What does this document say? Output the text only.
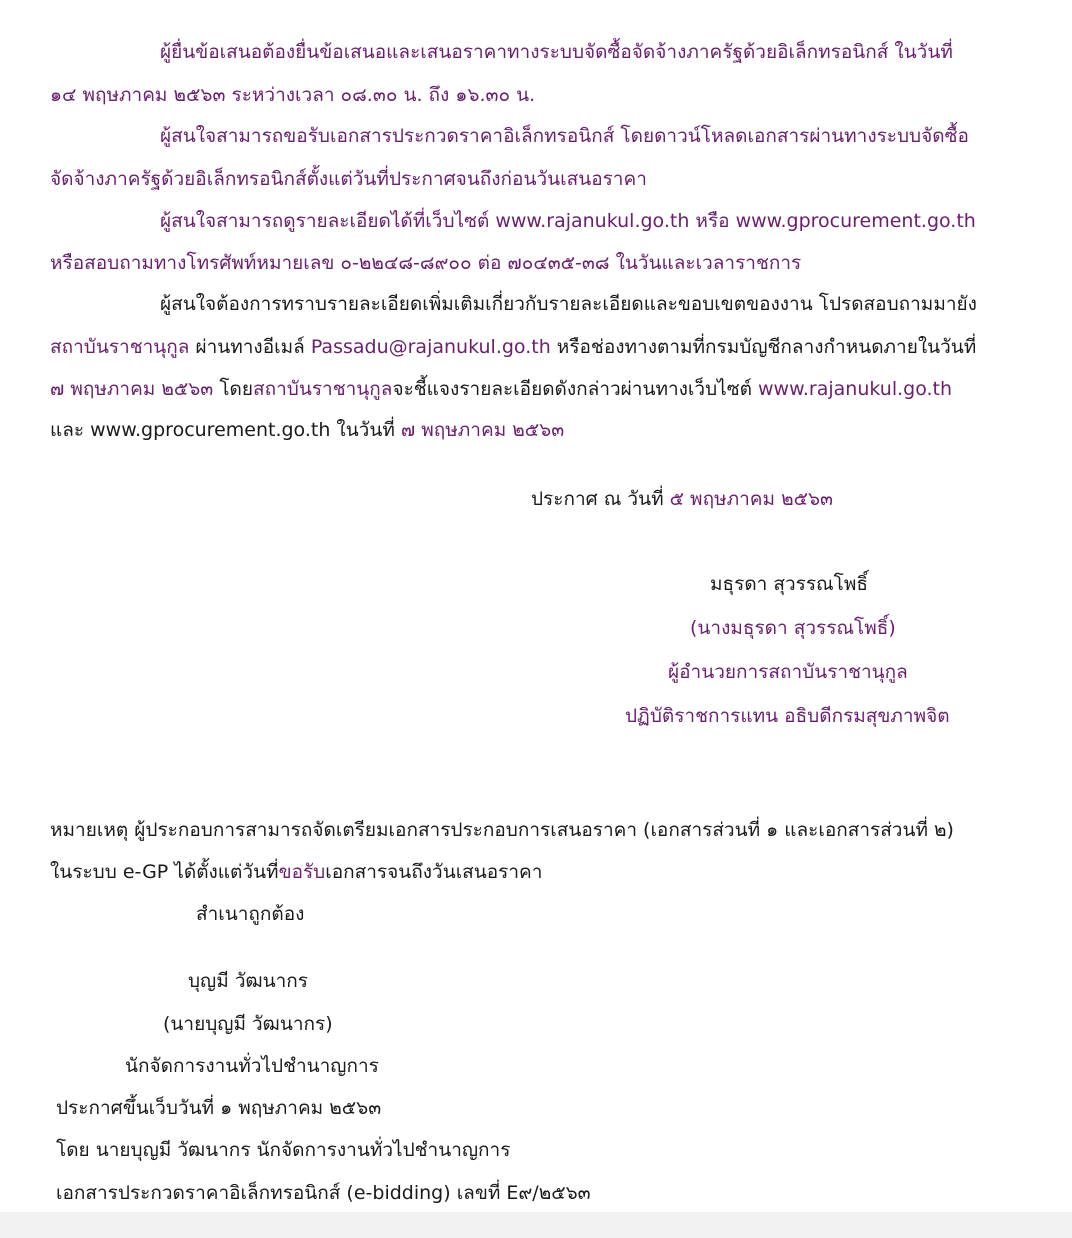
ผู้ยื่นข้อเสนอต้องยื่นข้อเสนอและเสนอราคาทางระบบจัดซื้อจัดจ้างภาครัฐด้วยอิเล็กทรอนิกส์ ในวันที่
๑๔ พฤษภาคม ๒๕๖๓ ระหว่างเวลา ๐๘.๓๐ น. ถึง ๑๖.๓๐ น.
ผู้สนใจสามารถขอรับเอกสารประกวดราคาอิเล็กทรอนิกส์ โดยดาวน์โหลดเอกสารผ่านทางระบบจัดซื้อ
จัดจ้างภาครัฐด้วยอิเล็กทรอนิกส์ตั้งแต่วันที่ประกาศจนถึงก่อนวันเสนอราคา
ผู้สนใจสามารถดูรายละเอียดได้ที่เว็บไซต์ www.rajanukul.go.th หรือ www.gprocurement.go.th
หรือสอบถามทางโทรศัพท์หมายเลข ๐-๒๒๔๘-๘๙๐๐ ต่อ ๗๐๔๓๕-๓๘ ในวันและเวลาราชการ
ผู้สนใจต้องการทราบรายละเอียดเพิ่มเติมเกี่ยวกับรายละเอียดและขอบเขตของงาน โปรดสอบถามมายัง
สถาบันราชานุกูล ผ่านทางอีเมล์ Passadu@rajanukul.go.th หรือช่องทางตามที่กรมบัญชีกลางกำหนดภายในวันที่
๗ พฤษภาคม ๒๕๖๓ โดยสถาบันราชานุกูลจะชี้แจงรายละเอียดดังกล่าวผ่านทางเว็บไซต์ www.rajanukul.go.th
และ www.gprocurement.go.th ในวันที่ ๗ พฤษภาคม ๒๕๖๓
ประกาศ ณ วันที่ ๕ พฤษภาคม ๒๕๖๓
มธุรดา สุวรรณโพธิ์
(นางมธุรดา สุวรรณโพธิ์)
ผู้อำนวยการสถาบันราชานุกูล
ปฏิบัติราชการแทน อธิบดีกรมสุขภาพจิต
หมายเหตุ ผู้ประกอบการสามารถจัดเตรียมเอกสารประกอบการเสนอราคา (เอกสารส่วนที่ ๑ และเอกสารส่วนที่ ๒)
ในระบบ e-GP ได้ตั้งแต่วันที่ขอรับเอกสารจนถึงวันเสนอราคา
สำเนาถูกต้อง
บุญมี วัฒนากร
(นายบุญมี วัฒนากร)
นักจัดการงานทั่วไปชำนาญการ
ประกาศขึ้นเว็บวันที่ ๑ พฤษภาคม ๒๕๖๓
โดย นายบุญมี วัฒนากร นักจัดการงานทั่วไปชำนาญการ
เอกสารประกวดราคาอิเล็กทรอนิกส์ (e-bidding) เลขที่ E๙/๒๕๖๓
